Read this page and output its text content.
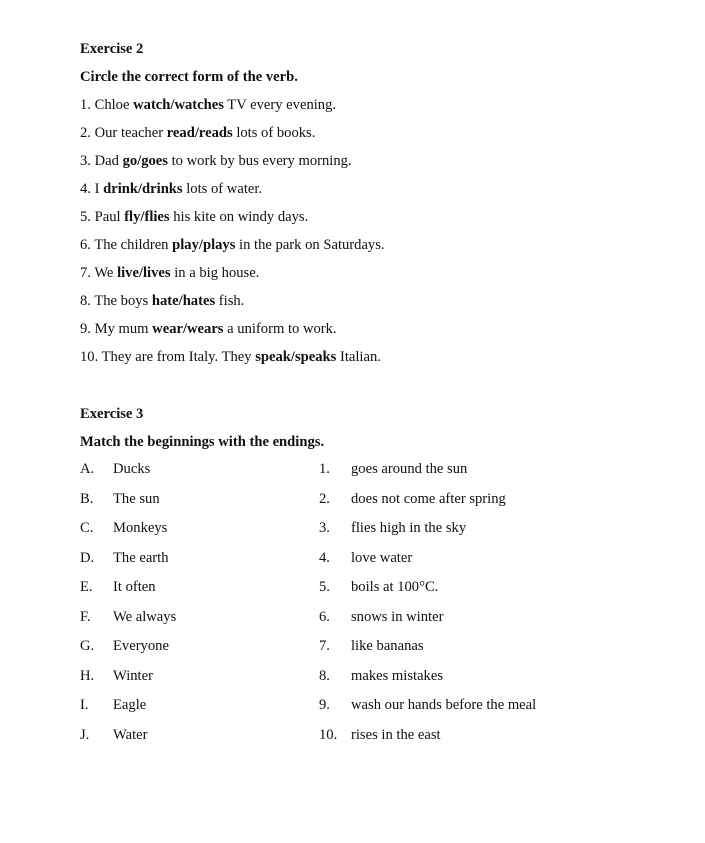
Exercise 2
Circle the correct form of the verb.
1. Chloe watch/watches TV every evening.
2. Our teacher read/reads lots of books.
3. Dad go/goes to work by bus every morning.
4. I drink/drinks lots of water.
5. Paul fly/flies his kite on windy days.
6. The children play/plays in the park on Saturdays.
7. We live/lives in a big house.
8. The boys hate/hates fish.
9. My mum wear/wears a uniform to work.
10. They are from Italy. They speak/speaks Italian.
Exercise 3
Match the beginnings with the endings.
A. Ducks	1. goes around the sun
B. The sun	2. does not come after spring
C. Monkeys	3. flies high in the sky
D. The earth	4. love water
E. It often	5. boils at 100°C.
F. We always	6. snows in winter
G. Everyone	7. like bananas
H. Winter	8. makes mistakes
I. Eagle	9. wash our hands before the meal
J. Water	10. rises in the east
